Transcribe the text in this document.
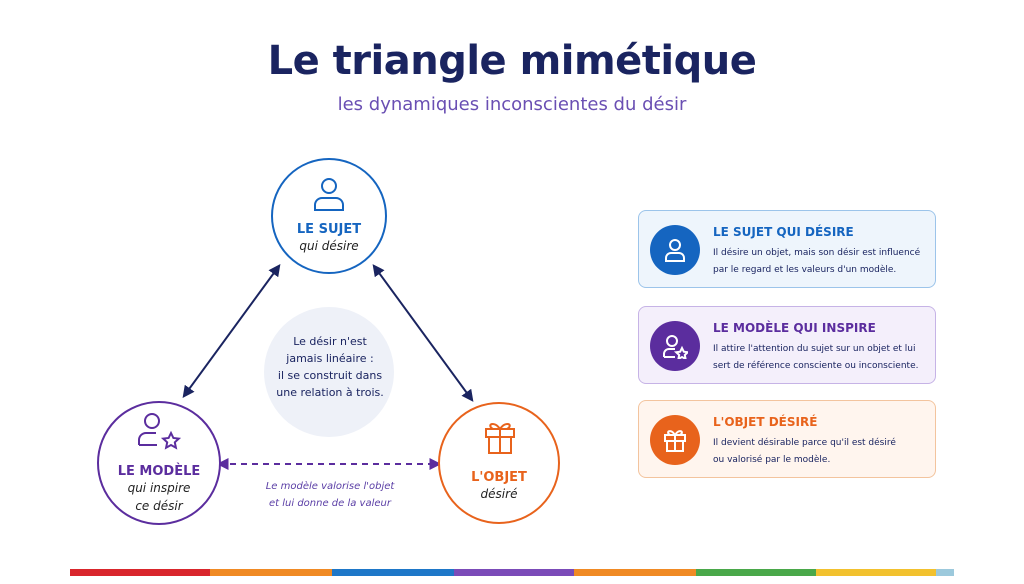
Le triangle mimétique
les dynamiques inconscientes du désir
LE SUJET
qui désire
LE MODÈLE
qui inspire
ce désir
L'OBJET
désiré
Le désir n'est
jamais linéaire :
il se construit dans
une relation à trois.
Le modèle valorise l'objet
et lui donne de la valeur
LE SUJET QUI DÉSIRE
Il désire un objet, mais son désir est influencé
par le regard et les valeurs d'un modèle.
LE MODÈLE QUI INSPIRE
Il attire l'attention du sujet sur un objet et lui
sert de référence consciente ou inconsciente.
L'OBJET DÉSIRÉ
Il devient désirable parce qu'il est désiré
ou valorisé par le modèle.
